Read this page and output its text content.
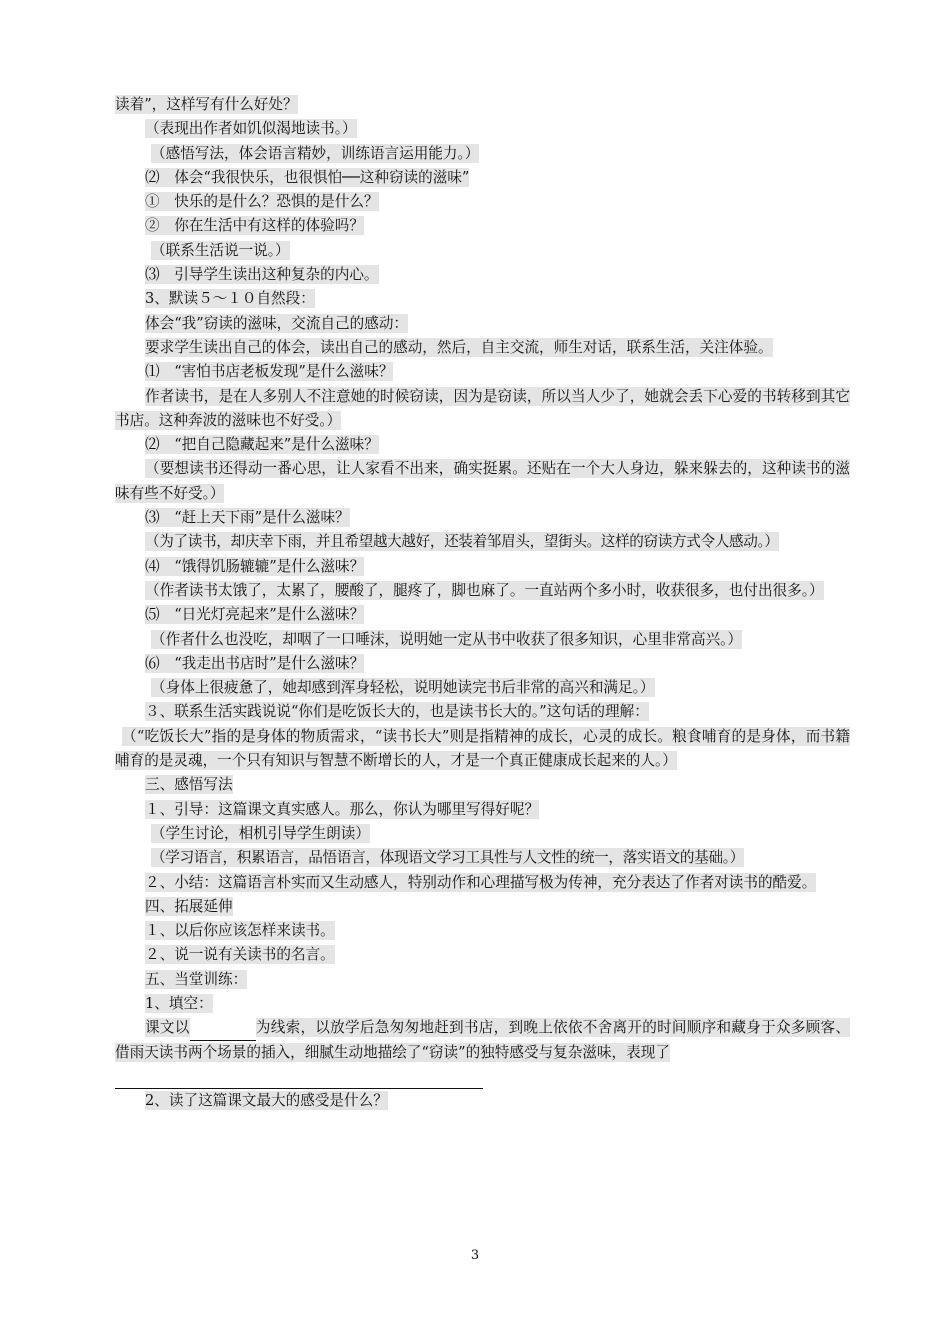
读着”，这样写有什么好处？
（表现出作者如饥似渴地读书。）
（感悟写法，体会语言精妙，训练语言运用能力。）
⑵　体会“我很快乐，也很惧怕──这种窃读的滋味”
①　快乐的是什么？恐惧的是什么？
②　你在生活中有这样的体验吗？
（联系生活说一说。）
⑶　引导学生读出这种复杂的内心。
3、默读５～１０自然段：
体会“我”窃读的滋味，交流自己的感动：
要求学生读出自己的体会，读出自己的感动，然后，自主交流，师生对话，联系生活，关注体验。
⑴　“害怕书店老板发现”是什么滋味？
作者读书，是在人多别人不注意她的时候窃读，因为是窃读，所以当人少了，她就会丢下心爱的书转移到其它书店。这种奔波的滋味也不好受。）
⑵　“把自己隐藏起来”是什么滋味？
（要想读书还得动一番心思，让人家看不出来，确实挺累。还贴在一个大人身边，躲来躲去的，这种读书的滋味有些不好受。）
⑶　“赶上天下雨”是什么滋味？
（为了读书，却庆幸下雨，并且希望越大越好，还装着邹眉头，望街头。这样的窃读方式令人感动。）
⑷　“饿得饥肠辘辘”是什么滋味？
（作者读书太饿了，太累了，腰酸了，腿疼了，脚也麻了。一直站两个多小时，收获很多，也付出很多。）
⑸　“日光灯亮起来”是什么滋味？
（作者什么也没吃，却咽了一口唾沫，说明她一定从书中收获了很多知识，心里非常高兴。）
⑹　“我走出书店时”是什么滋味？
（身体上很疲惫了，她却感到浑身轻松，说明她读完书后非常的高兴和满足。）
３、联系生活实践说说“你们是吃饭长大的，也是读书长大的。”这句话的理解：
（“吃饭长大”指的是身体的物质需求，“读书长大”则是指精神的成长，心灵的成长。粮食哺育的是身体，而书籍哺育的是灵魂，一个只有知识与智慧不断增长的人，才是一个真正健康成长起来的人。）
三、感悟写法
１、引导：这篇课文真实感人。那么，你认为哪里写得好呢？
（学生讨论，相机引导学生朗读）
（学习语言，积累语言，品悟语言，体现语文学习工具性与人文性的统一，落实语文的基础。）
２、小结：这篇语言朴实而又生动感人，特别动作和心理描写极为传神，充分表达了作者对读书的酷爱。
四、拓展延伸
１、以后你应该怎样来读书。
２、说一说有关读书的名言。
五、当堂训练：
1、填空：
课文以	为线索，以放学后急匆匆地赶到书店，到晚上依依不舍离开的时间顺序和藏身于众多顾客、借雨天读书两个场景的插入，细腻生动地描绘了“窃读”的独特感受与复杂滋味，表现了

2、读了这篇课文最大的感受是什么？
3
